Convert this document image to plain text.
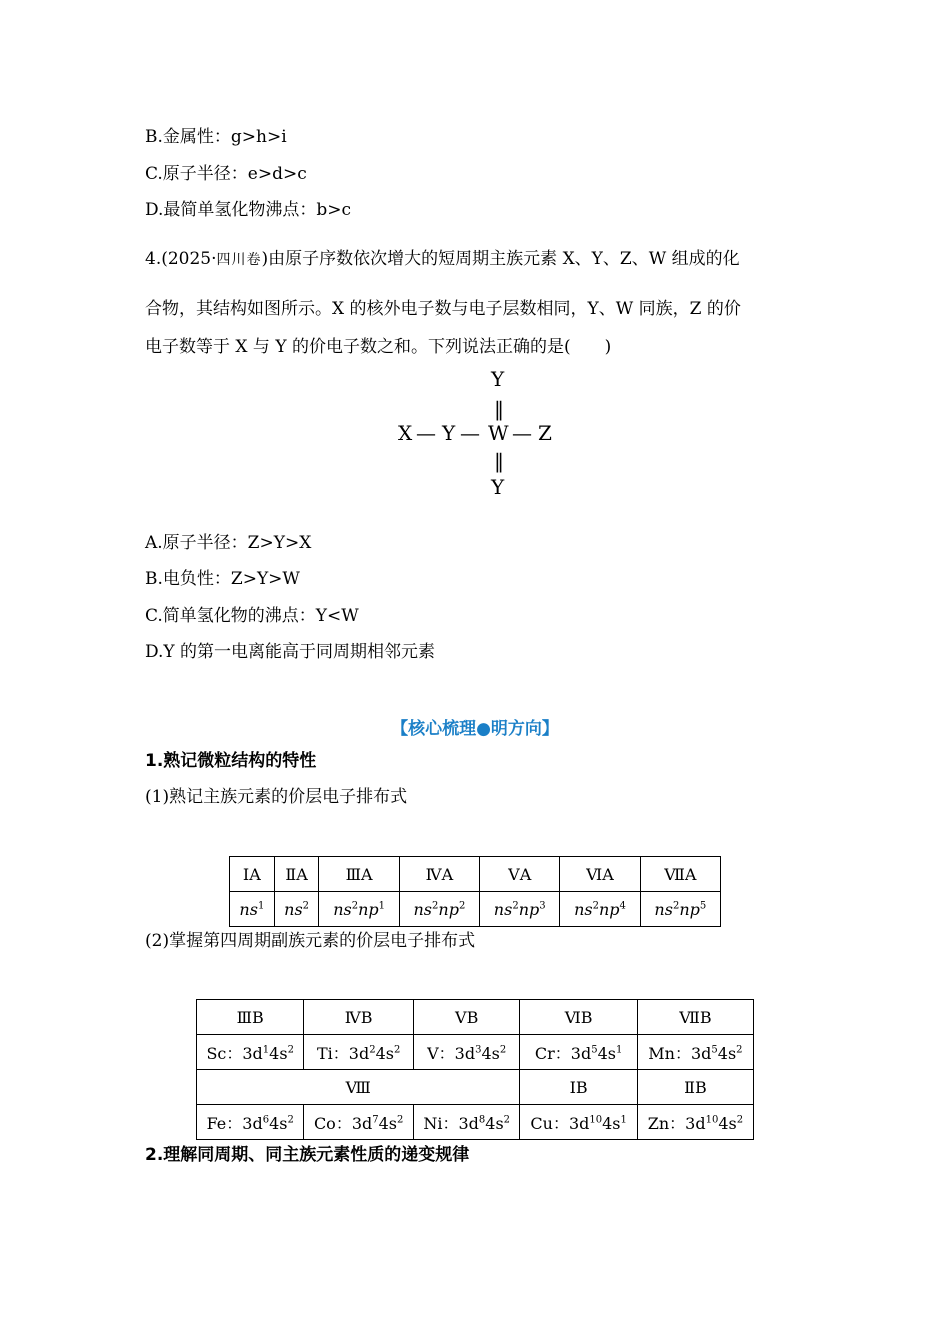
B.金属性：g>h>i
C.原子半径：e>d>c
D.最简单氢化物沸点：b>c
4.(2025·四川卷)由原子序数依次增大的短周期主族元素 X、Y、Z、W 组成的化
合物，其结构如图所示。X 的核外电子数与电子层数相同，Y、W 同族，Z 的价
电子数等于 X 与 Y 的价电子数之和。下列说法正确的是(　　)
Y
‖
X — Y — W — Z
‖
Y
A.原子半径：Z>Y>X
B.电负性：Z>Y>W
C.简单氢化物的沸点：Y<W
D.Y 的第一电离能高于同周期相邻元素
【核心梳理●明方向】
1.熟记微粒结构的特性
(1)熟记主族元素的价层电子排布式
ⅠA	ⅡA	ⅢA	ⅣA	ⅤA	ⅥA	ⅦA
$ns^1$	$ns^2$	$ns^2np^1$	$ns^2np^2$	$ns^2np^3$	$ns^2np^4$	$ns^2np^5$
(2)掌握第四周期副族元素的价层电子排布式
ⅢB	ⅣB	ⅤB	ⅥB	ⅦB
Sc：$3d^14s^2$	Ti：$3d^24s^2$	V：$3d^34s^2$	Cr：$3d^54s^1$	Mn：$3d^54s^2$
Ⅷ			ⅠB	ⅡB
Fe：$3d^64s^2$	Co：$3d^74s^2$	Ni：$3d^84s^2$	Cu：$3d^{10}4s^1$	Zn：$3d^{10}4s^2$
2.理解同周期、同主族元素性质的递变规律
